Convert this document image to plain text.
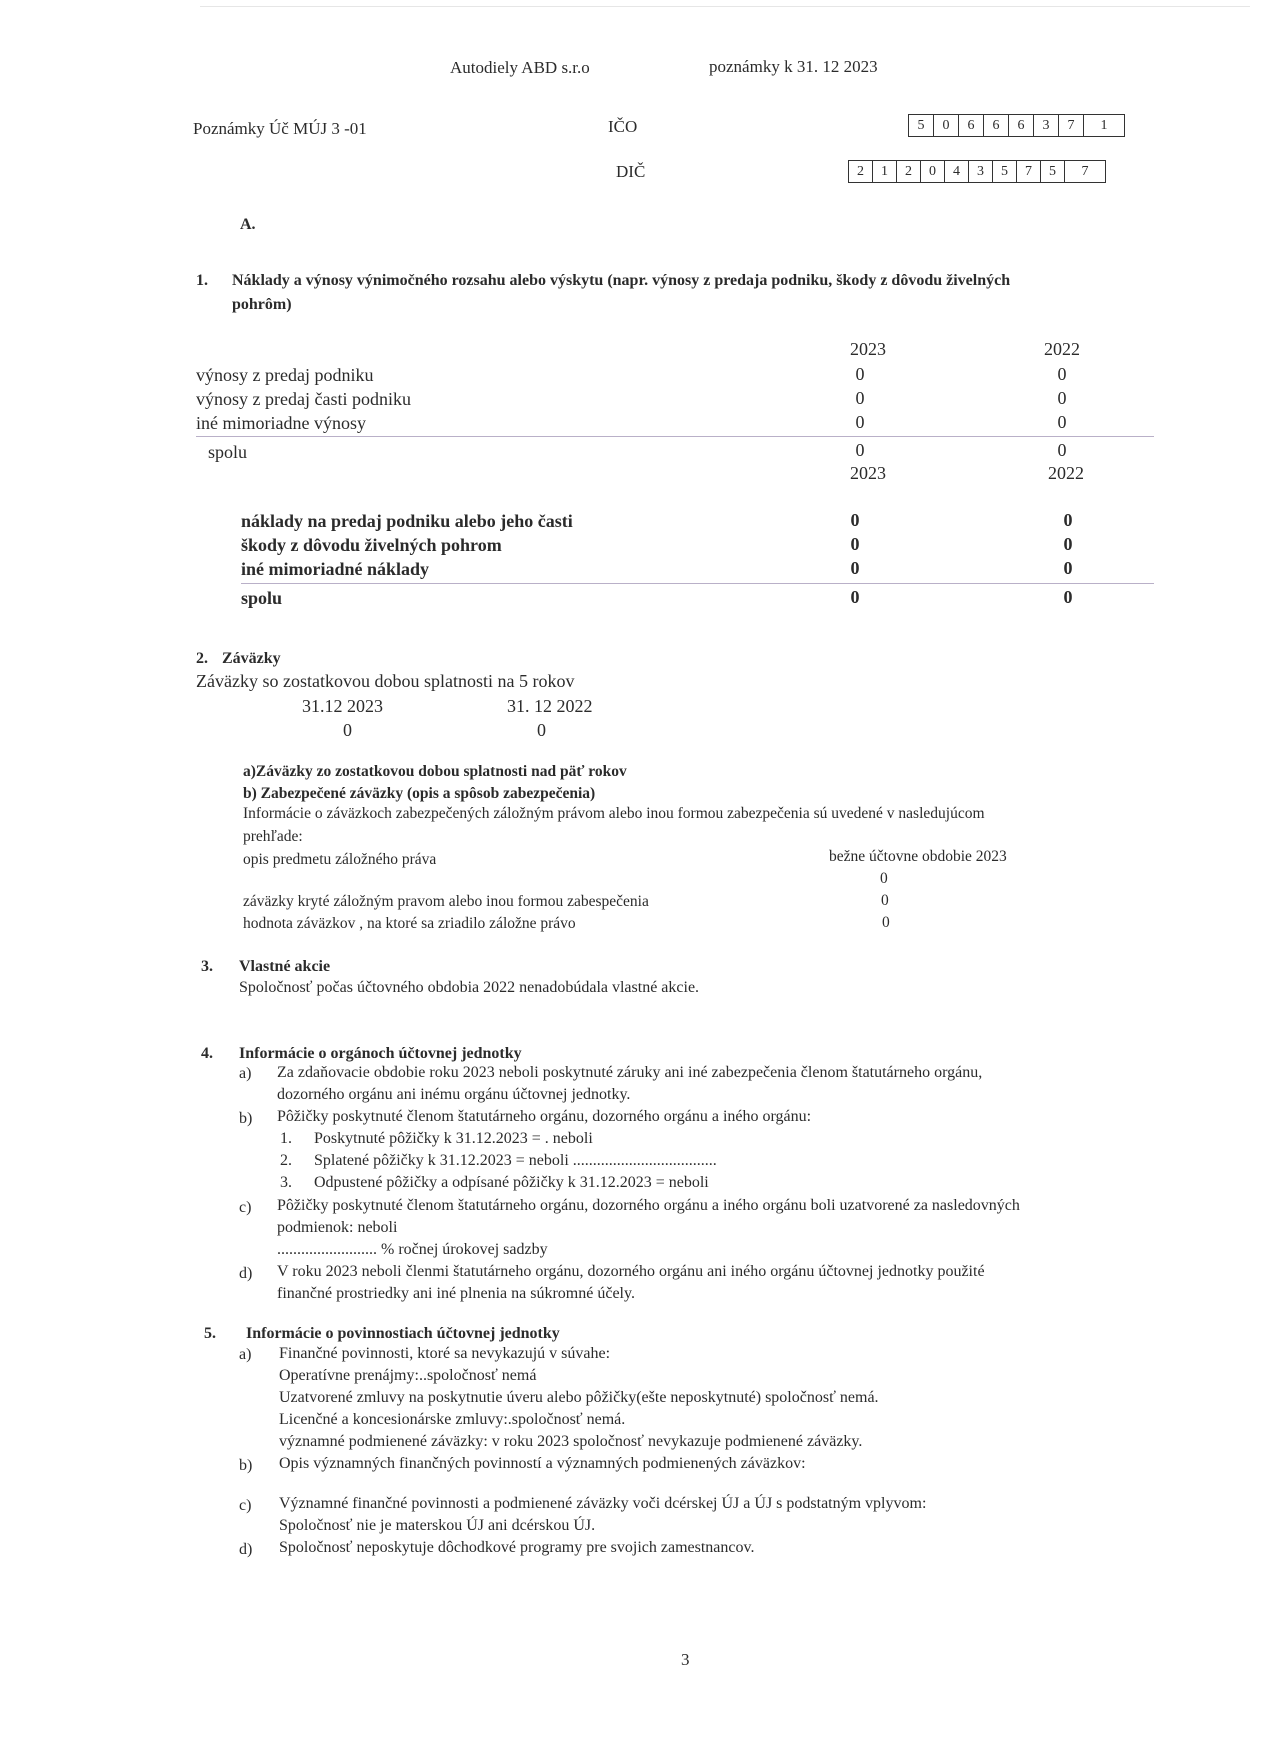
Autodiely ABD s.r.o	poznámky k 31. 12 2023
Poznámky Úč MÚJ 3 -01	IČO	5	0	6	6	6	3	7	1
DIČ	2	1	2	0	4	3	5	7	5	7
A.
1. Náklady a výnosy výnimočného rozsahu alebo výskytu (napr. výnosy z predaja podniku, škody z dôvodu živelných
pohrôm)
2023	2022
výnosy z predaj podniku	0	0
výnosy z predaj časti podniku	0	0
iné mimoriadne výnosy	0	0
spolu	0	0
2023	2022
náklady na predaj podniku alebo jeho časti	0	0
škody z dôvodu živelných pohrom	0	0
iné mimoriadné náklady	0	0
spolu	0	0
2. Záväzky
Záväzky so zostatkovou dobou splatnosti na 5 rokov
31.12 2023	31. 12 2022
0	0
a)Záväzky zo zostatkovou dobou splatnosti nad päť rokov
b) Zabezpečené záväzky (opis a spôsob zabezpečenia)
Informácie o záväzkoch zabezpečených záložným právom alebo inou formou zabezpečenia sú uvedené v nasledujúcom
prehľade:
opis predmetu záložného práva	bežne účtovne obdobie 2023
0
záväzky kryté záložným pravom alebo inou formou zabespečenia	0
hodnota záväzkov , na ktoré sa zriadilo záložne právo	0
3. Vlastné akcie
Spoločnosť počas účtovného obdobia 2022 nenadobúdala vlastné akcie.
4. Informácie o orgánoch účtovnej jednotky
a) Za zdaňovacie obdobie roku 2023 neboli poskytnuté záruky ani iné zabezpečenia členom štatutárneho orgánu,
dozorného orgánu ani inému orgánu účtovnej jednotky.
b) Pôžičky poskytnuté členom štatutárneho orgánu, dozorného orgánu a iného orgánu:
1. Poskytnuté pôžičky k 31.12.2023 = . neboli
2. Splatené pôžičky k 31.12.2023 = neboli ....................................
3. Odpustené pôžičky a odpísané pôžičky k 31.12.2023 = neboli
c) Pôžičky poskytnuté členom štatutárneho orgánu, dozorného orgánu a iného orgánu boli uzatvorené za nasledovných
podmienok: neboli
......................... % ročnej úrokovej sadzby
d) V roku 2023 neboli členmi štatutárneho orgánu, dozorného orgánu ani iného orgánu účtovnej jednotky použité
finančné prostriedky ani iné plnenia na súkromné účely.
5. Informácie o povinnostiach účtovnej jednotky
a) Finančné povinnosti, ktoré sa nevykazujú v súvahe:
Operatívne prenájmy:..spoločnosť nemá
Uzatvorené zmluvy na poskytnutie úveru alebo pôžičky(ešte neposkytnuté) spoločnosť nemá.
Licenčné a koncesionárske zmluvy:.spoločnosť nemá.
významné podmienené záväzky: v roku 2023 spoločnosť nevykazuje podmienené záväzky.
b) Opis významných finančných povinností a významných podmienených záväzkov:
c) Významné finančné povinnosti a podmienené záväzky voči dcérskej ÚJ a ÚJ s podstatným vplyvom:
Spoločnosť nie je materskou ÚJ ani dcérskou ÚJ.
d) Spoločnosť neposkytuje dôchodkové programy pre svojich zamestnancov.
3
